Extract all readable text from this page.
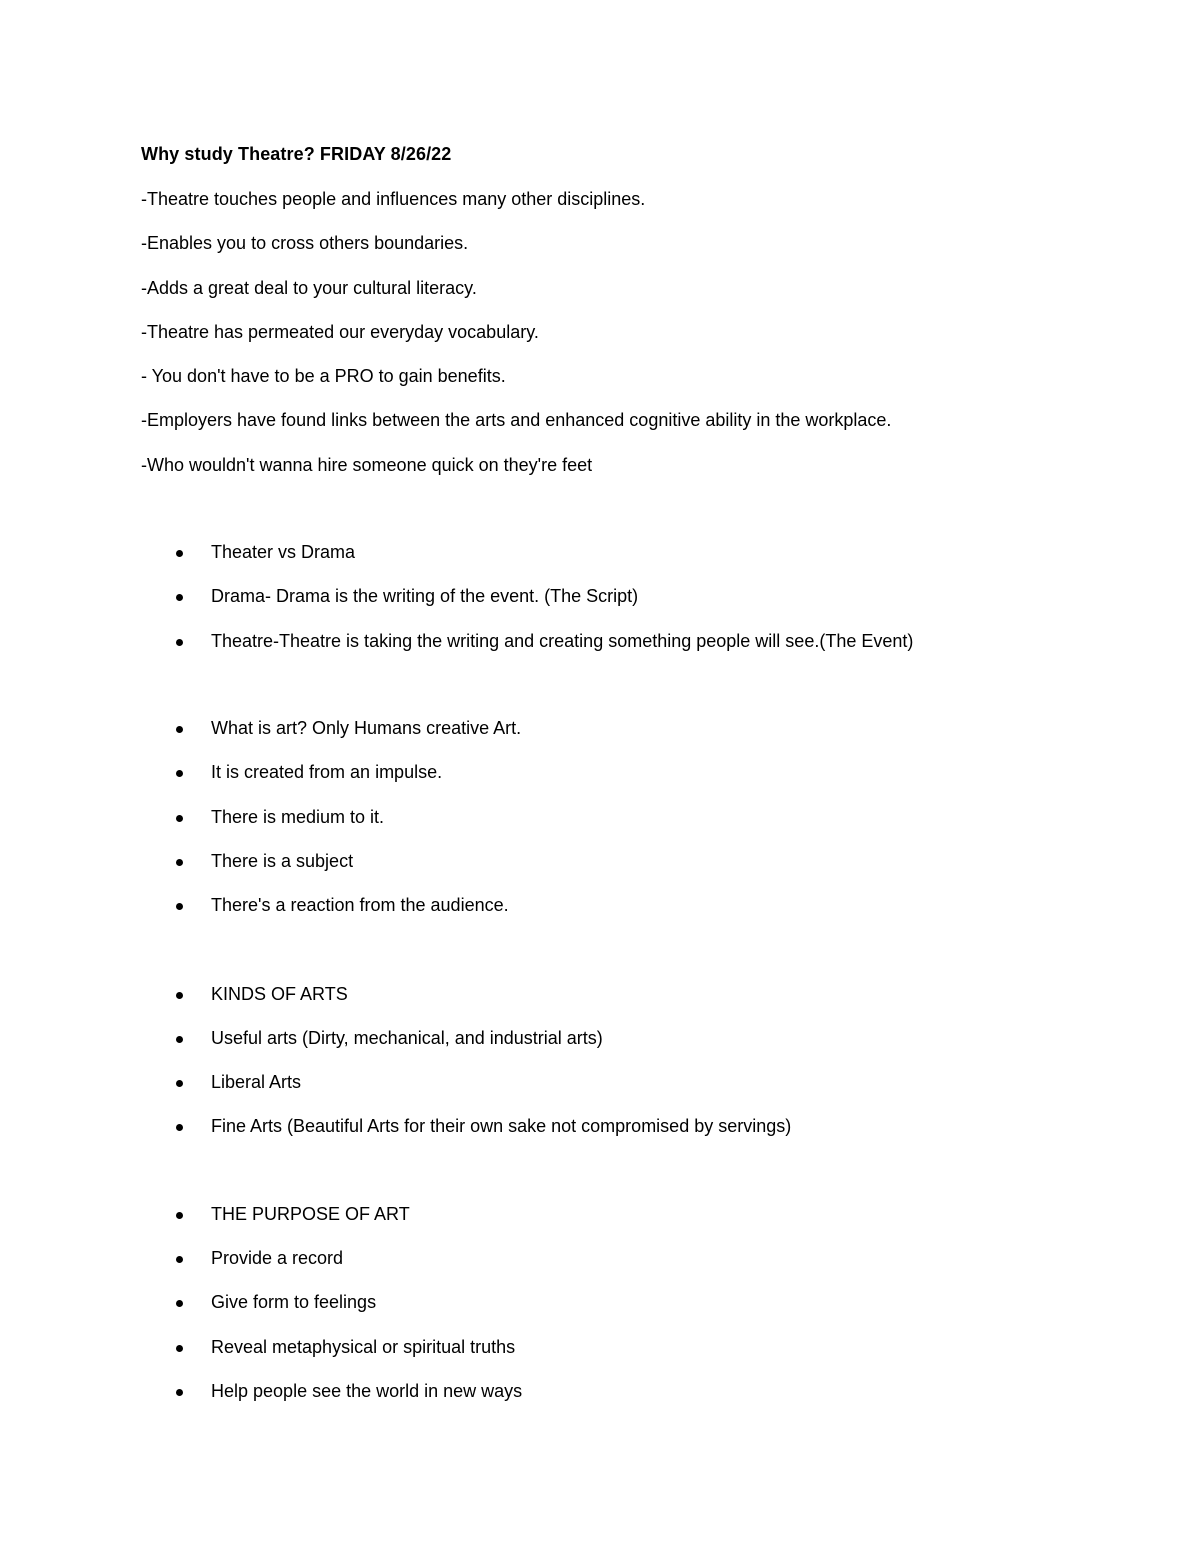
Why study Theatre? FRIDAY 8/26/22
-Theatre touches people and influences many other disciplines.
-Enables you to cross others boundaries.
-Adds a great deal to your cultural literacy.
-Theatre has permeated our everyday vocabulary.
- You don't have to be a PRO to gain benefits.
-Employers have found links between the arts and enhanced cognitive ability in the workplace.
-Who wouldn't wanna hire someone quick on they're feet
Theater vs Drama
Drama- Drama is the writing of the event. (The Script)
Theatre-Theatre is taking the writing and creating something people will see.(The Event)
What is art? Only Humans creative Art.
It is created from an impulse.
There is medium to it.
There is a subject
There's a reaction from the audience.
KINDS OF ARTS
Useful arts (Dirty, mechanical, and industrial arts)
Liberal Arts
Fine Arts (Beautiful Arts for their own sake not compromised by servings)
THE PURPOSE OF ART
Provide a record
Give form to feelings
Reveal metaphysical or spiritual truths
Help people see the world in new ways
